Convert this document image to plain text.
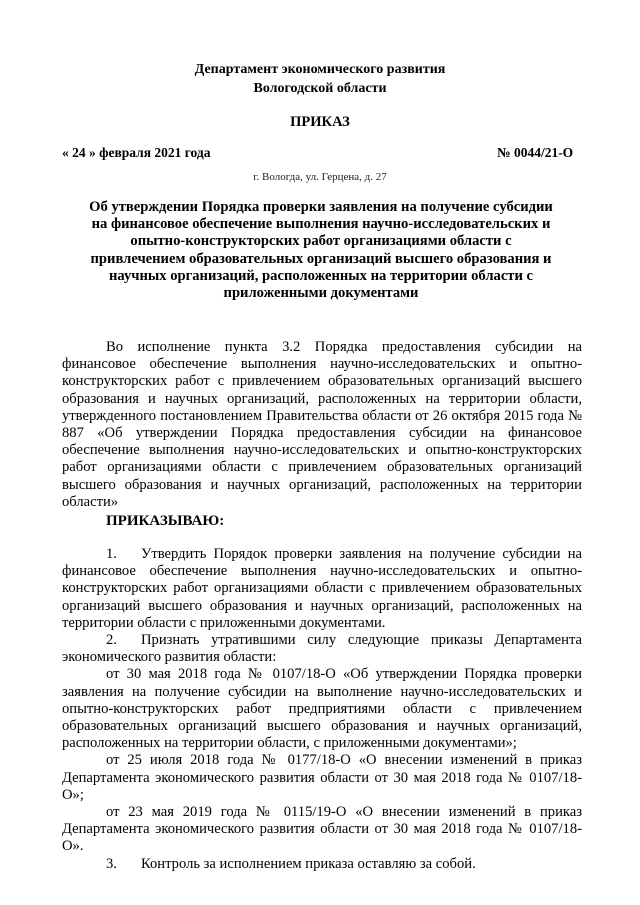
Департамент экономического развития
Вологодской области
ПРИКАЗ
« 24 » февраля 2021 года	№ 0044/21-О
г. Вологда, ул. Герцена, д. 27
Об утверждении Порядка проверки заявления на получение субсидии на финансовое обеспечение выполнения научно-исследовательских и опытно-конструкторских работ организациями области с привлечением образовательных организаций высшего образования и научных организаций, расположенных на территории области с приложенными документами
Во исполнение пункта 3.2 Порядка предоставления субсидии на финансовое обеспечение выполнения научно-исследовательских и опытно-конструкторских работ с привлечением образовательных организаций высшего образования и научных организаций, расположенных на территории области, утвержденного постановлением Правительства области от 26 октября 2015 года № 887 «Об утверждении Порядка предоставления субсидии на финансовое обеспечение выполнения научно-исследовательских и опытно-конструкторских работ организациями области с привлечением образовательных организаций высшего образования и научных организаций, расположенных на территории области»
ПРИКАЗЫВАЮ:
1. Утвердить Порядок проверки заявления на получение субсидии на финансовое обеспечение выполнения научно-исследовательских и опытно-конструкторских работ организациями области с привлечением образовательных организаций высшего образования и научных организаций, расположенных на территории области с приложенными документами.
2. Признать утратившими силу следующие приказы Департамента экономического развития области:
от 30 мая 2018 года № 0107/18-О «Об утверждении Порядка проверки заявления на получение субсидии на выполнение научно-исследовательских и опытно-конструкторских работ предприятиями области с привлечением образовательных организаций высшего образования и научных организаций, расположенных на территории области, с приложенными документами»;
от 25 июля 2018 года № 0177/18-О «О внесении изменений в приказ Департамента экономического развития области от 30 мая 2018 года № 0107/18-О»;
от 23 мая 2019 года № 0115/19-О «О внесении изменений в приказ Департамента экономического развития области от 30 мая 2018 года № 0107/18-О».
3. Контроль за исполнением приказа оставляю за собой.
